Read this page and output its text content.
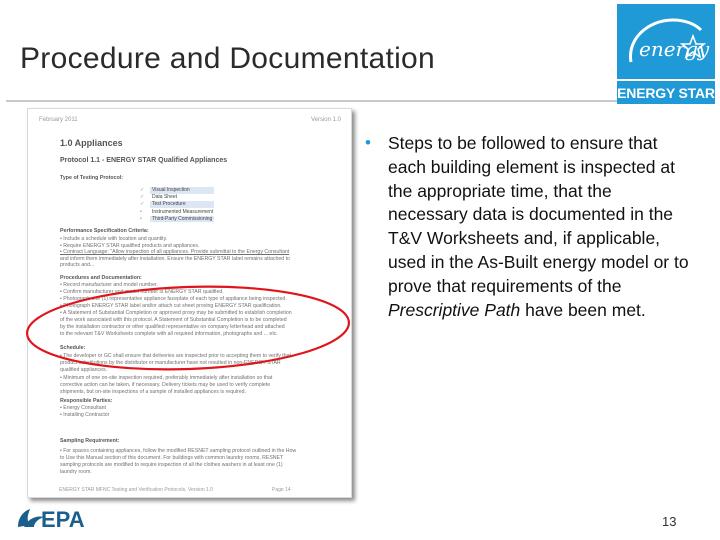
Procedure and Documentation	energy
ENERGY STAR
February 2011	Version 1.0
1.0 Appliances
Protocol 1.1 - ENERGY STAR Qualified Appliances
Type of Testing Protocol:
✓	Visual Inspection
✓	Data Sheet
✓	Test Procedure
•	Instrumented Measurement
•	Third-Party Commissioning
Performance Specification Criteria:
• Include a schedule with location and quantity.
• Require ENERGY STAR qualified products and appliances.
• Contract Language: "Allow inspection of all appliances. Provide submittal to the Energy Consultant
and inform them immediately after installation. Ensure the ENERGY STAR label remains attached to
products and...
Procedures and Documentation:
• Record manufacturer and model number.
• Confirm manufacturer and model number is ENERGY STAR qualified.
• Photograph one (1) representative appliance faceplate of each type of appliance being inspected.
• Photograph ENERGY STAR label and/or attach cut sheet proving ENERGY STAR qualification.
• A Statement of Substantial Completion or approved proxy may be submitted to establish completion
of the work associated with this protocol. A Statement of Substantial Completion is to be completed
by the installation contractor or other qualified representative on company letterhead and attached
to the relevant T&V Worksheets complete with all required information, photographs and ... etc.
Schedule:
• The developer or GC shall ensure that deliveries are inspected prior to accepting them to verify that
product substitutions by the distributor or manufacturer have not resulted in non-ENERGY STAR
qualified appliances.
• Minimum of one on-site inspection required, preferably immediately after installation so that
corrective action can be taken, if necessary. Delivery tickets may be used to verify complete
shipments, but on-site inspections of a sample of installed appliances is required.
Responsible Parties:
• Energy Consultant
• Installing Contractor
Sampling Requirement:
• For spaces containing appliances, follow the modified RESNET sampling protocol outlined in the How
to Use this Manual section of this document. For buildings with common laundry rooms, RESNET
sampling protocols are modified to require inspection of all the clothes washers in at least one (1)
laundry room.
ENERGY STAR MFNC Testing and Verification Protocols, Version 1.0	Page 14
• Steps to be followed to ensure that each building element is inspected at the appropriate time, that the necessary data is documented in the T&V Worksheets and, if applicable, used in the As-Built energy model or to prove that requirements of the Prescriptive Path have been met.
EPA	13
